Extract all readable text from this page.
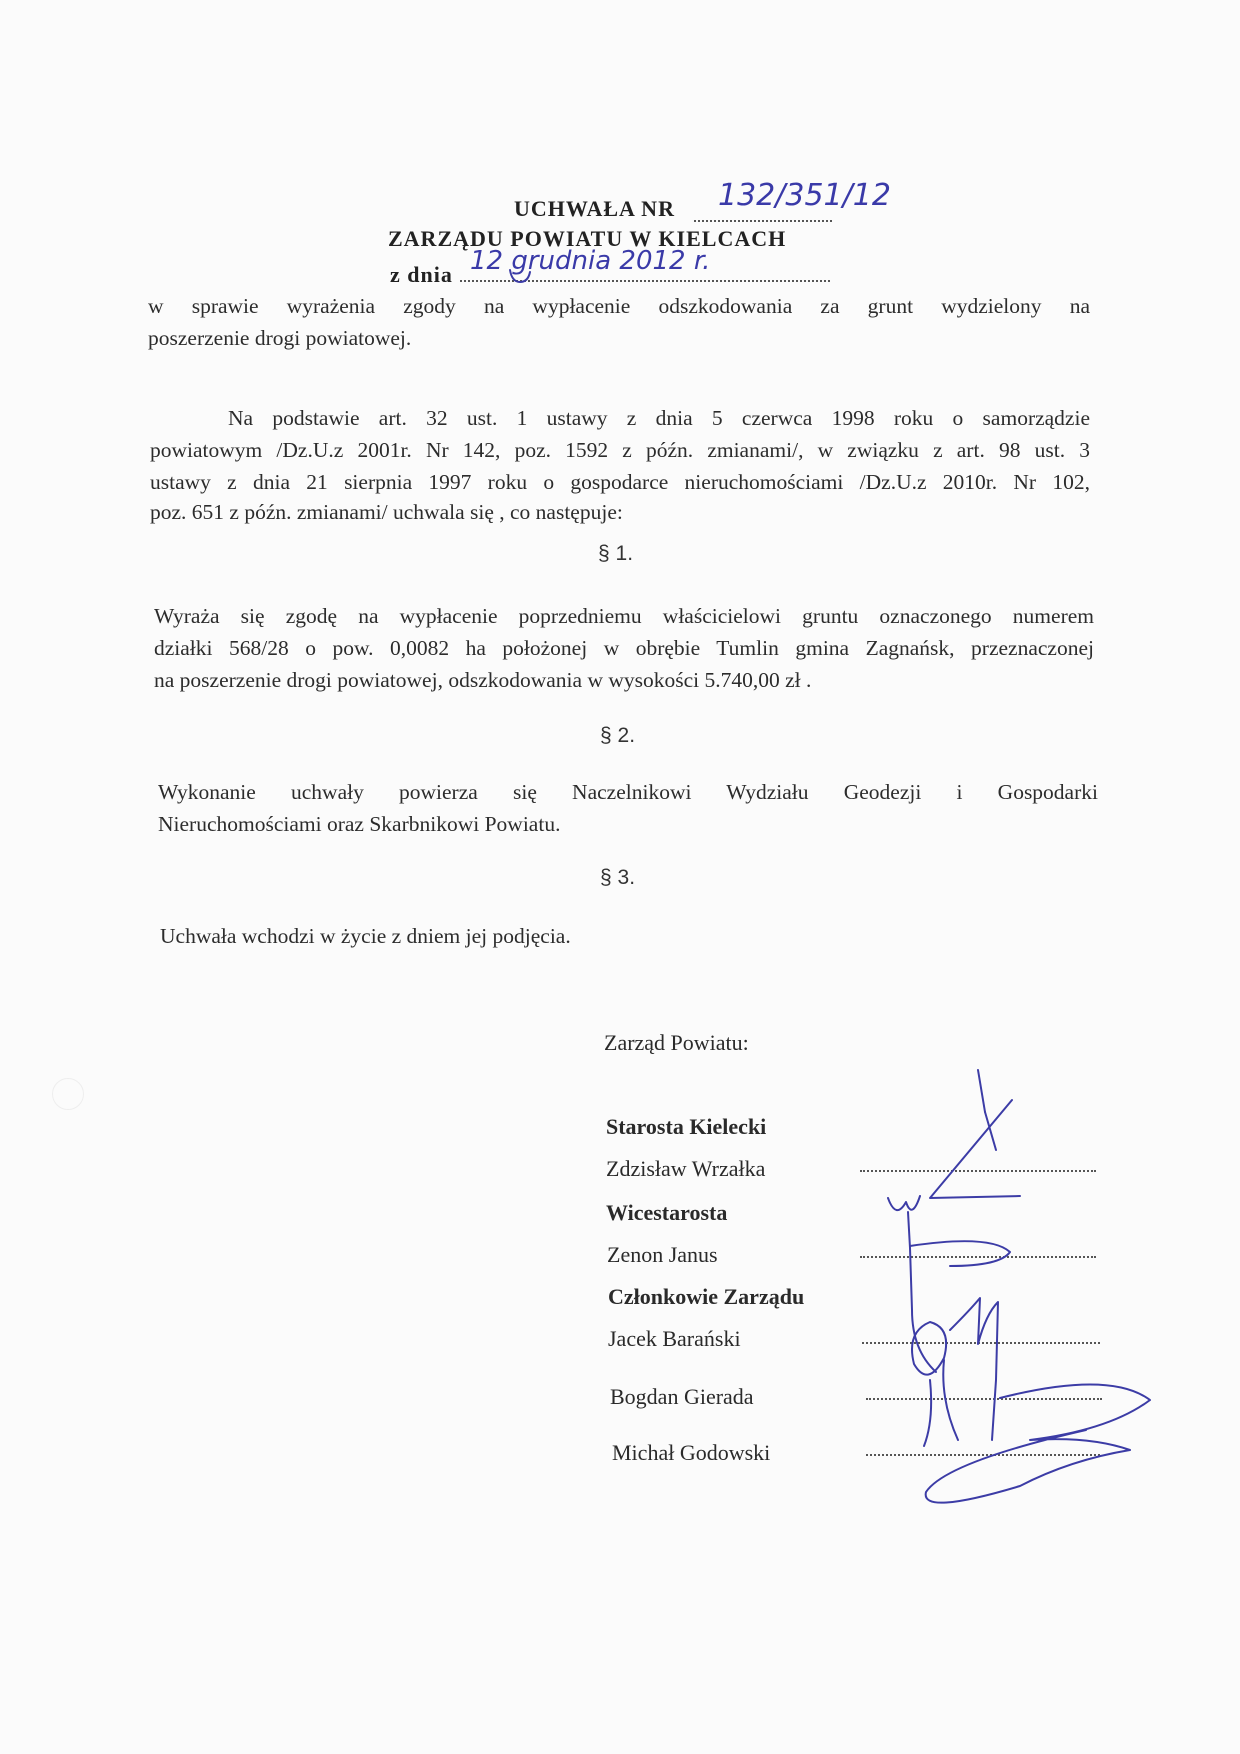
UCHWAŁA NR 132/351/12
ZARZĄDU POWIATU W KIELCACH
z dnia 12 grudnia 2012 r.
w sprawie wyrażenia zgody na wypłacenie odszkodowania za grunt wydzielony na
poszerzenie drogi powiatowej.
Na podstawie art. 32 ust. 1 ustawy z dnia 5 czerwca 1998 roku o samorządzie
powiatowym /Dz.U.z 2001r. Nr 142, poz. 1592 z późn. zmianami/, w związku z art. 98 ust. 3
ustawy z dnia 21 sierpnia 1997 roku o gospodarce nieruchomościami /Dz.U.z 2010r. Nr 102,
poz. 651 z późn. zmianami/ uchwala się , co następuje:
§ 1.
Wyraża się zgodę na wypłacenie poprzedniemu właścicielowi gruntu oznaczonego numerem
działki 568/28 o pow. 0,0082 ha położonej w obrębie Tumlin gmina Zagnańsk, przeznaczonej
na poszerzenie drogi powiatowej, odszkodowania w wysokości 5.740,00 zł .
§ 2.
Wykonanie uchwały powierza się Naczelnikowi Wydziału Geodezji i Gospodarki
Nieruchomościami oraz Skarbnikowi Powiatu.
§ 3.
Uchwała wchodzi w życie z dniem jej podjęcia.
Zarząd Powiatu:
Starosta Kielecki
Zdzisław Wrzałka
Wicestarosta
Zenon Janus
Członkowie Zarządu
Jacek Barański
Bogdan Gierada
Michał Godowski
